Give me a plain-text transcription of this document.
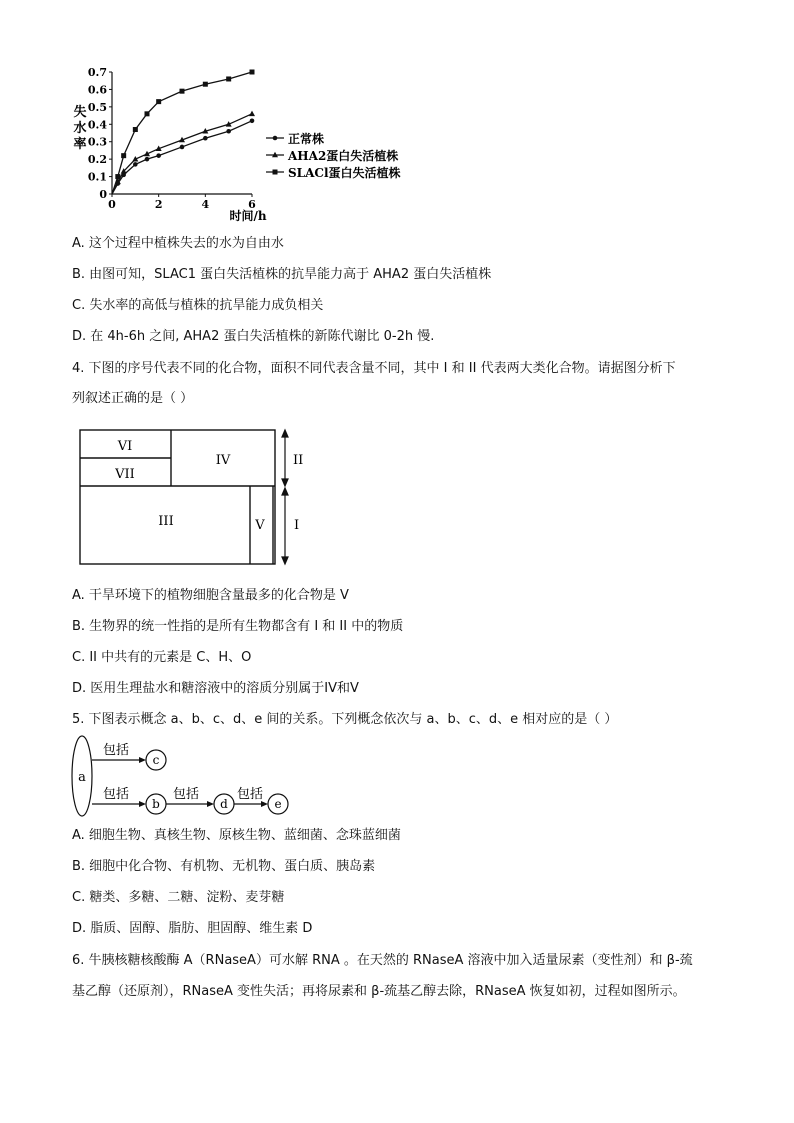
0
0.1
0.2
0.3
0.4
0.5
0.6
0.7
0	2	4	6
时间/h
失
水
率	正常株
AHA2蛋白失活植株
SLACl蛋白失活植株
A. 这个过程中植株失去的水为自由水
B. 由图可知，SLAC1 蛋白失活植株的抗旱能力高于 AHA2 蛋白失活植株
C. 失水率的高低与植株的抗旱能力成负相关
D. 在 4h-6h 之间, AHA2 蛋白失活植株的新陈代谢比 0-2h 慢.
4. 下图的序号代表不同的化合物，面积不同代表含量不同，其中 I 和 II 代表两大类化合物。请据图分析下
列叙述正确的是（ ）
VI
VII
IV
III	V
II
I
A. 干旱环境下的植物细胞含量最多的化合物是 V
B. 生物界的统一性指的是所有生物都含有 I 和 II 中的物质
C. II 中共有的元素是 C、H、O
D. 医用生理盐水和糖溶液中的溶质分别属于IV和V
5. 下图表示概念 a、b、c、d、e 间的关系。下列概念依次与 a、b、c、d、e 相对应的是（ ）
a
c
b	d	e
包括
包括	包括	包括
A. 细胞生物、真核生物、原核生物、蓝细菌、念珠蓝细菌
B. 细胞中化合物、有机物、无机物、蛋白质、胰岛素
C. 糖类、多糖、二糖、淀粉、麦芽糖
D. 脂质、固醇、脂肪、胆固醇、维生素 D
6. 牛胰核糖核酸酶 A（RNaseA）可水解 RNA 。在天然的 RNaseA 溶液中加入适量尿素（变性剂）和 β-巯
基乙醇（还原剂），RNaseA 变性失活；再将尿素和 β-巯基乙醇去除，RNaseA 恢复如初，过程如图所示。
